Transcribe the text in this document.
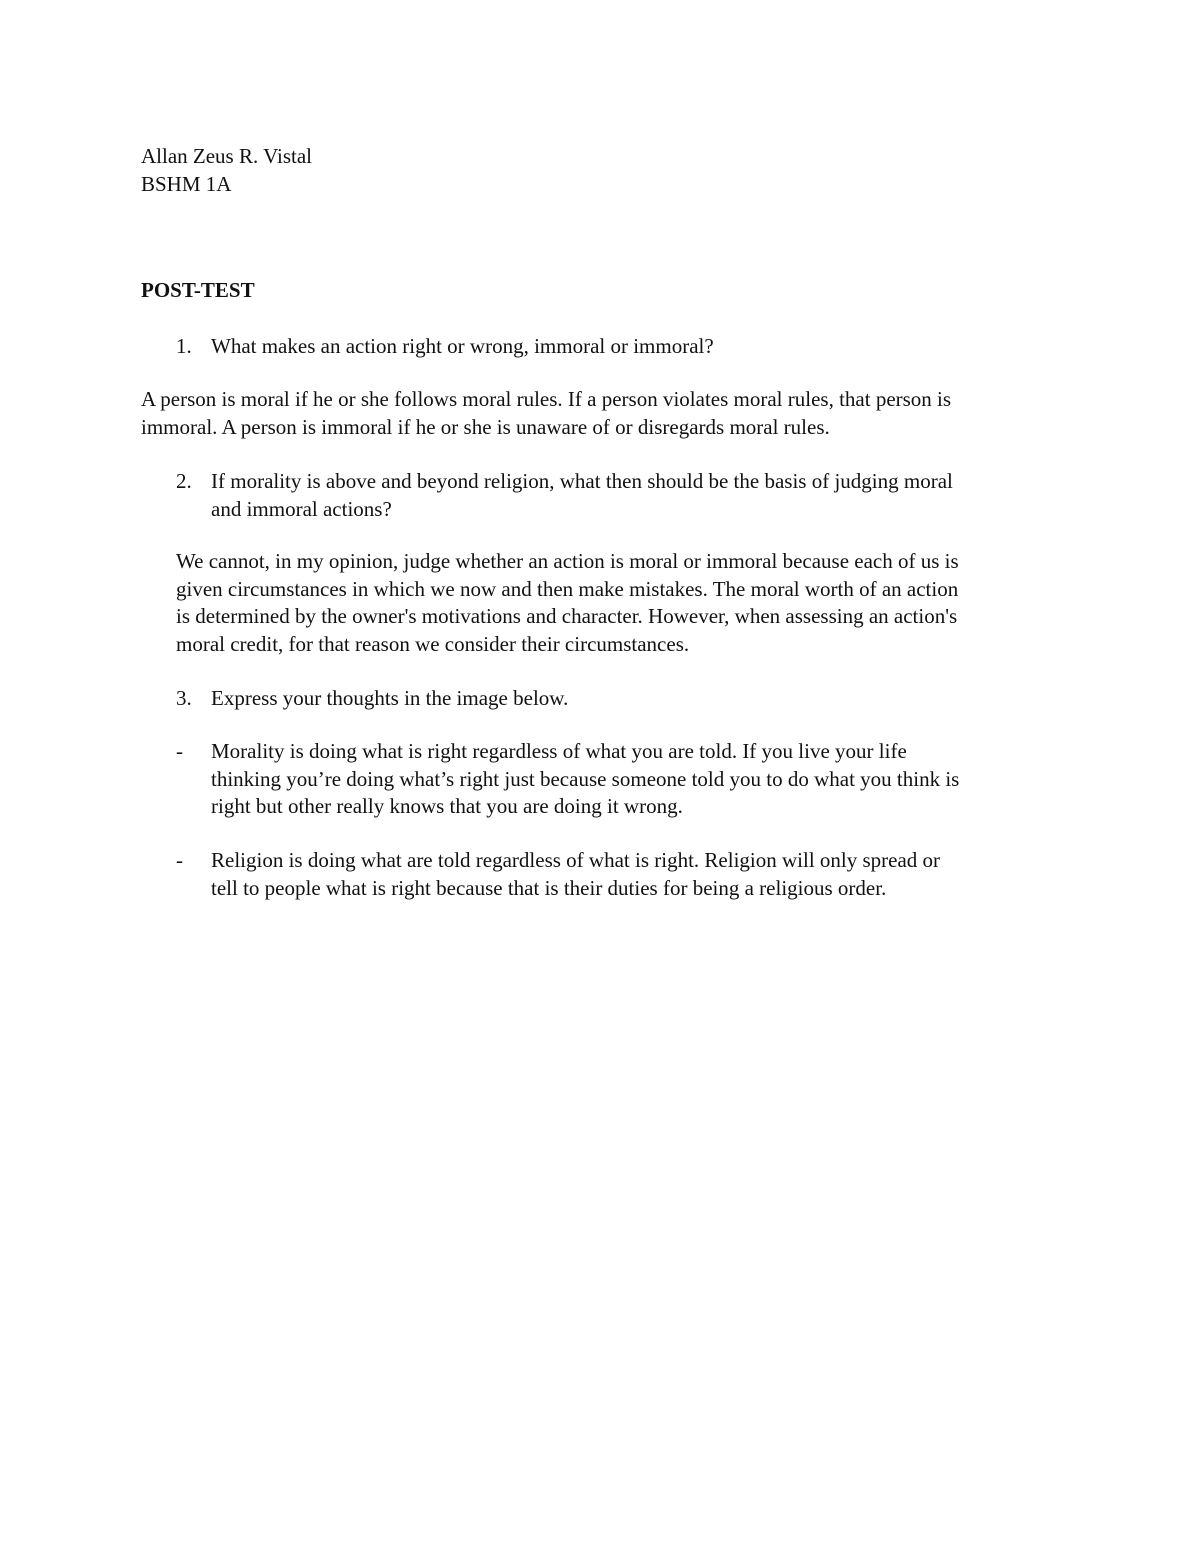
Allan Zeus R. Vistal
BSHM 1A
POST-TEST
1. What makes an action right or wrong, immoral or immoral?
A person is moral if he or she follows moral rules. If a person violates moral rules, that person is
immoral. A person is immoral if he or she is unaware of or disregards moral rules.
2. If morality is above and beyond religion, what then should be the basis of judging moral
and immoral actions?
We cannot, in my opinion, judge whether an action is moral or immoral because each of us is
given circumstances in which we now and then make mistakes. The moral worth of an action
is determined by the owner's motivations and character. However, when assessing an action's
moral credit, for that reason we consider their circumstances.
3. Express your thoughts in the image below.
- Morality is doing what is right regardless of what you are told. If you live your life
thinking you’re doing what’s right just because someone told you to do what you think is
right but other really knows that you are doing it wrong.
- Religion is doing what are told regardless of what is right. Religion will only spread or
tell to people what is right because that is their duties for being a religious order.
